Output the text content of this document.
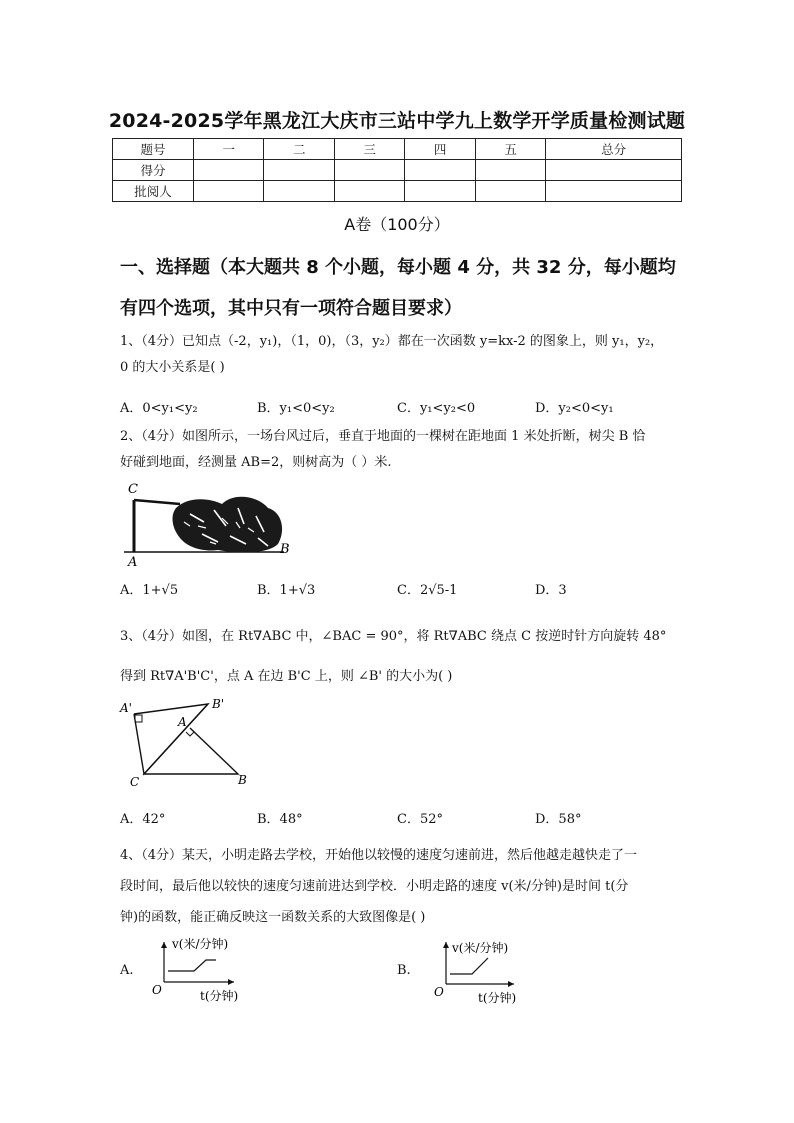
2024-2025学年黑龙江大庆市三站中学九上数学开学质量检测试题
题号	一	二	三	四	五	总分
得分						
批阅人						
A卷（100分）
一、选择题（本大题共 8 个小题，每小题 4 分，共 32 分，每小题均
有四个选项，其中只有一项符合题目要求）
1、（4分）已知点（-2，y₁)，（1，0)，（3，y₂）都在一次函数 y=kx-2 的图象上，则 y₁，y₂，
0 的大小关系是( )
A．0<y₁<y₂	B．y₁<0<y₂	C．y₁<y₂<0	D．y₂<0<y₁
2、（4分）如图所示，一场台风过后，垂直于地面的一棵树在距地面 1 米处折断，树尖 B 恰
好碰到地面，经测量 AB=2，则树高为（ ）米.
C
A
B
A．1+√5	B．1+√3	C．2√5-1	D．3
3、（4分）如图，在 Rt∇ABC 中，∠BAC = 90°，将 Rt∇ABC 绕点 C 按逆时针方向旋转 48°
得到 Rt∇A'B'C'，点 A 在边 B'C 上，则 ∠B' 的大小为( )
A'	B'
A
C	B
A．42°	B．48°	C．52°	D．58°
4、（4分）某天，小明走路去学校，开始他以较慢的速度匀速前进，然后他越走越快走了一
段时间，最后他以较快的速度匀速前进达到学校．小明走路的速度 v(米/分钟)是时间 t(分
钟)的函数，能正确反映这一函数关系的大致图像是( )
A.
v(米/分钟)
O	t(分钟)
B.
v(米/分钟)
O	t(分钟)
